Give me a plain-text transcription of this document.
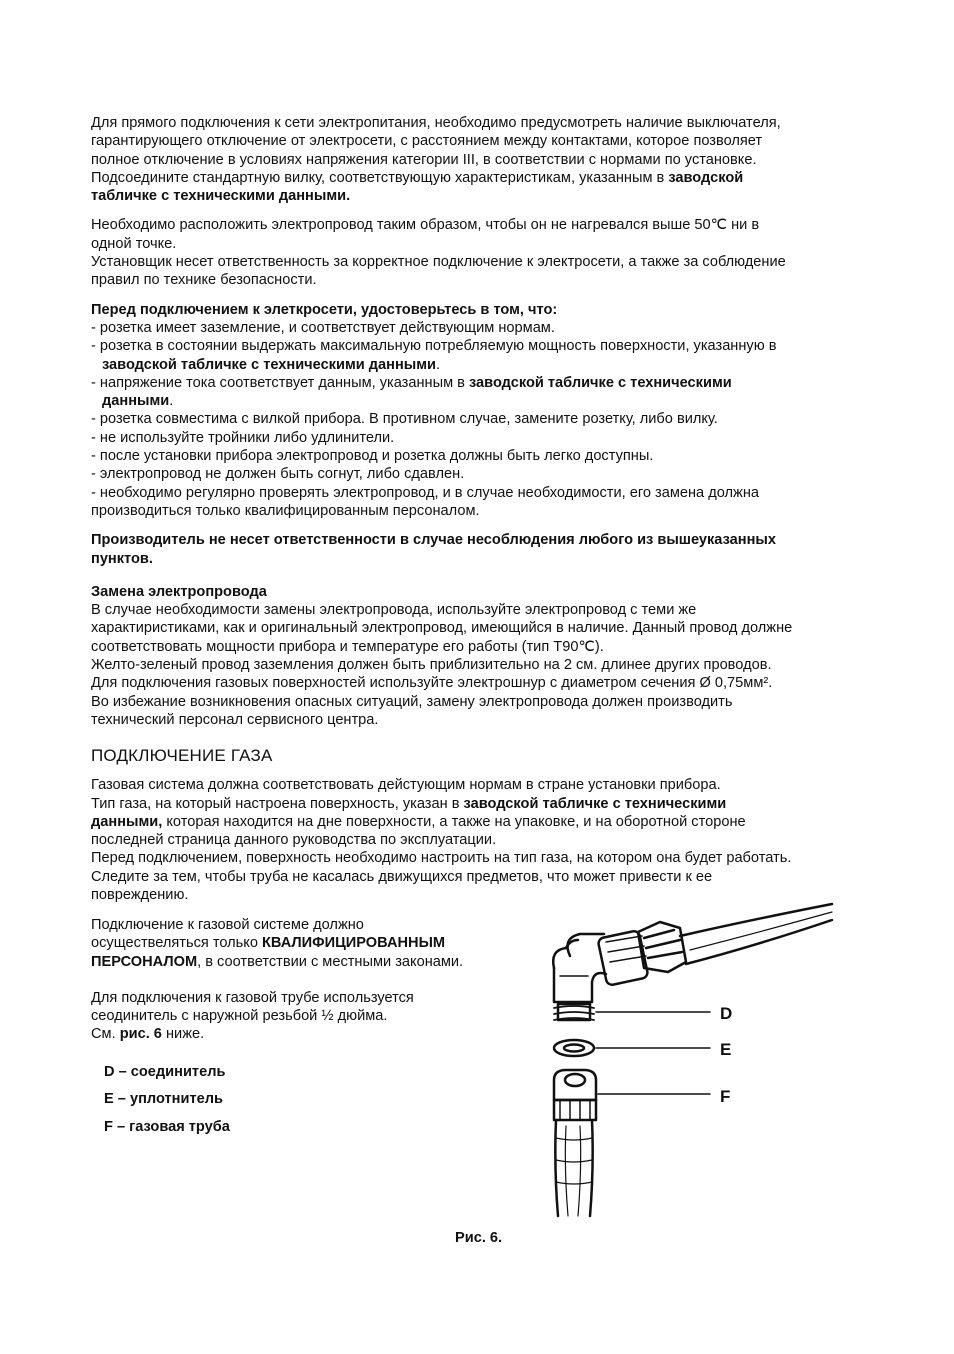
Для прямого подключения к сети электропитания, необходимо предусмотреть наличие выключателя,
гарантирующего отключение от электросети, с расстоянием между контактами, которое позволяет
полное отключение в условиях напряжения категории III, в соответствии с нормами по установке.
Подсоедините стандартную вилку, соответствующую характеристикам, указанным в заводской
табличке с техническими данными.

Необходимо расположить электропровод таким образом, чтобы он не нагревался выше 50℃ ни в
одной точке.
Установщик несет ответственность за корректное подключение к электросети, а также за соблюдение
правил по технике безопасности.

Перед подключением к элеткросети, удостоверьтесь в том, что:
- розетка имеет заземление, и соответствует действующим нормам.
- розетка в состоянии выдержать максимальную потребляемую мощность поверхности, указанную в
заводской табличке с техническими данными.
- напряжение тока соответствует данным, указанным в заводской табличке с техническими
данными.
- розетка совместима с вилкой прибора. В противном случае, замените розетку, либо вилку.
- не используйте тройники либо удлинители.
- после установки прибора электропровод и розетка должны быть легко доступны.
- электропровод не должен быть согнут, либо сдавлен.
- необходимо регулярно проверять электропровод, и в случае необходимости, его замена должна
производиться только квалифицированным персоналом.

Производитель не несет ответственности в случае несоблюдения любого из вышеуказанных
пунктов.

Замена электропровода
В случае необходимости замены электропровода, используйте электропровод с теми же
характиристиками, как и оригинальный электропровод, имеющийся в наличие. Данный провод должне
соответствовать мощности прибора и температуре его работы (тип T90℃).
Желто-зеленый провод заземления должен быть приблизительно на 2 см. длинее других проводов.
Для подключения газовых поверхностей используйте электрошнур с диаметром сечения Ø 0,75мм².
Во избежание возникновения опасных ситуаций, замену электропровода должен производить
технический персонал сервисного центра.

ПОДКЛЮЧЕНИЕ ГАЗА

Газовая система должна соответствовать дейстующим нормам в стране установки прибора.
Тип газа, на который настроена поверхность, указан в заводской табличке с техническими
данными, которая находится на дне поверхности, а также на упаковке, и на оборотной стороне
последней страница данного руководства по эксплуатации.
Перед подключением, поверхность необходимо настроить на тип газа, на котором она будет работать.
Следите за тем, чтобы труба не касалась движущихся предметов, что может привести к ее
повреждению.

Подключение к газовой системе должно
осуществеляться только КВАЛИФИЦИРОВАННЫМ
ПЕРСОНАЛОМ, в соответствии с местными законами.

Для подключения к газовой трубе используется
сеодинитель с наружной резьбой ½ дюйма.
См. рис. 6 ниже.

D – соединитель
E – уплотнитель
F – газовая труба
D
E
F
Рис. 6.
